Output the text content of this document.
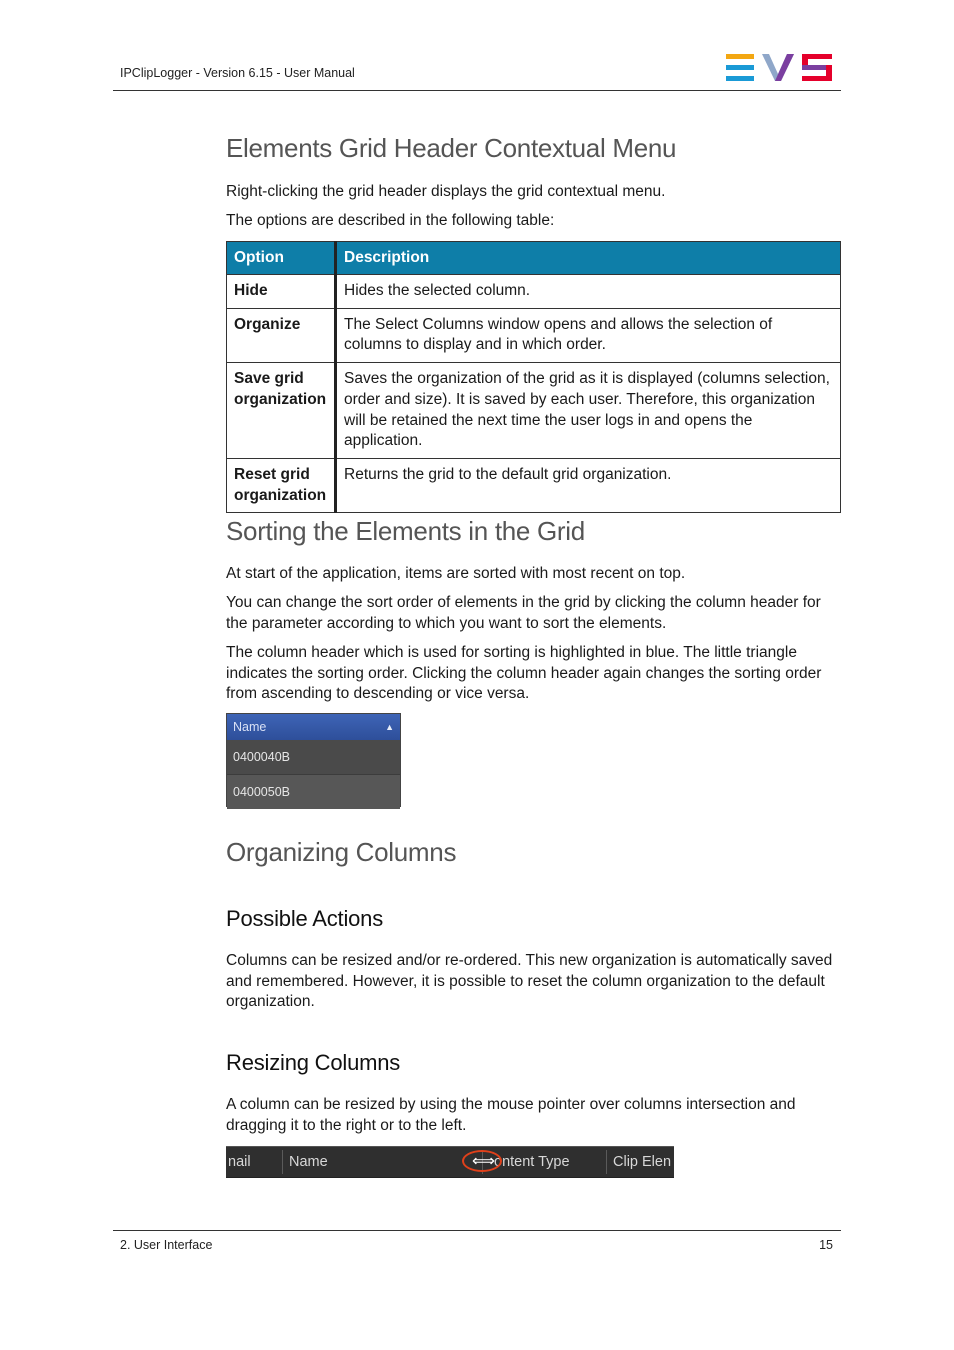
IPClipLogger - Version 6.15 - User Manual
Elements Grid Header Contextual Menu

Right-clicking the grid header displays the grid contextual menu.

The options are described in the following table:

Sorting the Elements in the Grid

At start of the application, items are sorted with most recent on top.

You can change the sort order of elements in the grid by clicking the column header for the parameter according to which you want to sort the elements.

The column header which is used for sorting is highlighted in blue. The little triangle indicates the sorting order. Clicking the column header again changes the sorting order from ascending to descending or vice versa.

Organizing Columns
Possible Actions

Columns can be resized and/or re-ordered. This new organization is automatically saved and remembered. However, it is possible to reset the column organization to the default organization.

Resizing Columns

A column can be resized by using the mouse pointer over columns intersection and dragging it to the right or to the left.

Option	Description
Hide	Hides the selected column.
Organize	The Select Columns window opens and allows the selection of columns to display and in which order.
Save grid organization	Saves the organization of the grid as it is displayed (columns selection, order and size). It is saved by each user. Therefore, this organization will be retained the next time the user logs in and opens the application.
Reset grid organization	Returns the grid to the default grid organization.
Name	▲
0400040B
0400050B
nail	Name	ontent Type	Clip Elen
⟺
2. User Interface	15
